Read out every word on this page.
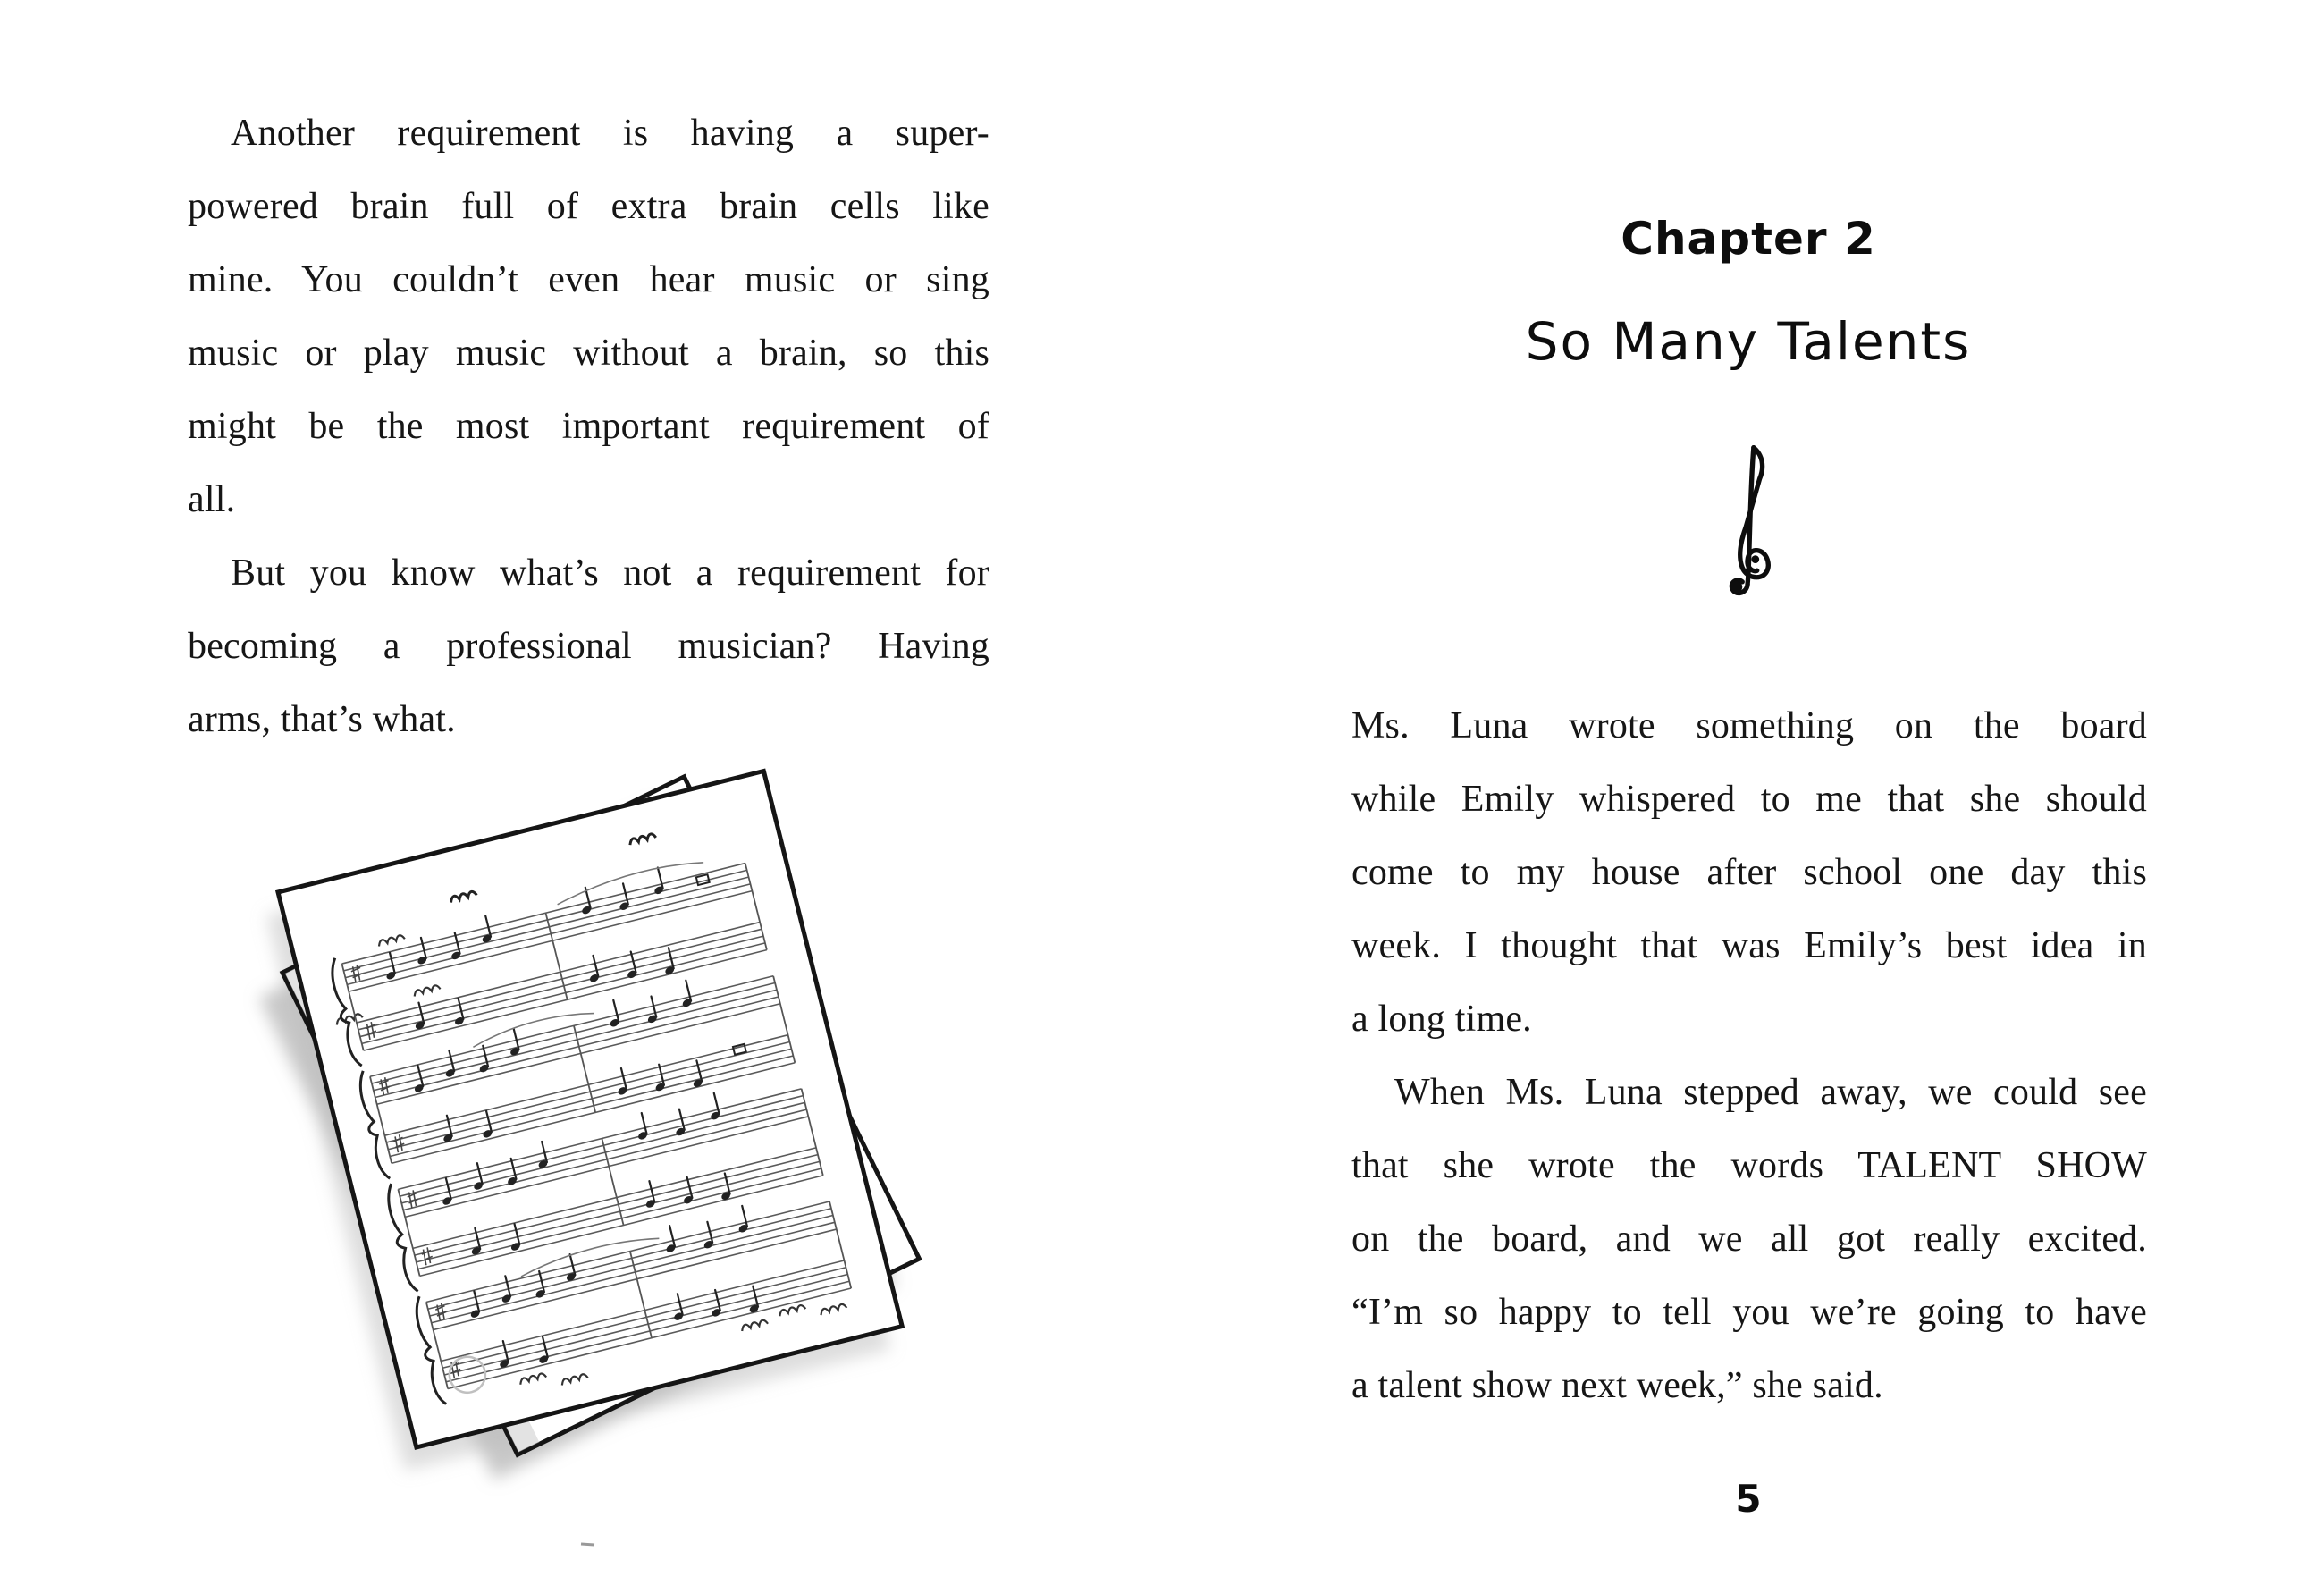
Another requirement is having a super-
powered brain full of extra brain cells like
mine. You couldn’t even hear music or sing
music or play music without a brain, so this
might be the most important requirement of
all.
But you know what’s not a requirement for
becoming a professional musician? Having
arms, that’s what.
Chapter 2
So Many Talents
Ms. Luna wrote something on the board
while Emily whispered to me that she should
come to my house after school one day this
week. I thought that was Emily’s best idea in
a long time.
When Ms. Luna stepped away, we could see
that she wrote the words TALENT SHOW
on the board, and we all got really excited.
“I’m so happy to tell you we’re going to have
a talent show next week,” she said.
5
